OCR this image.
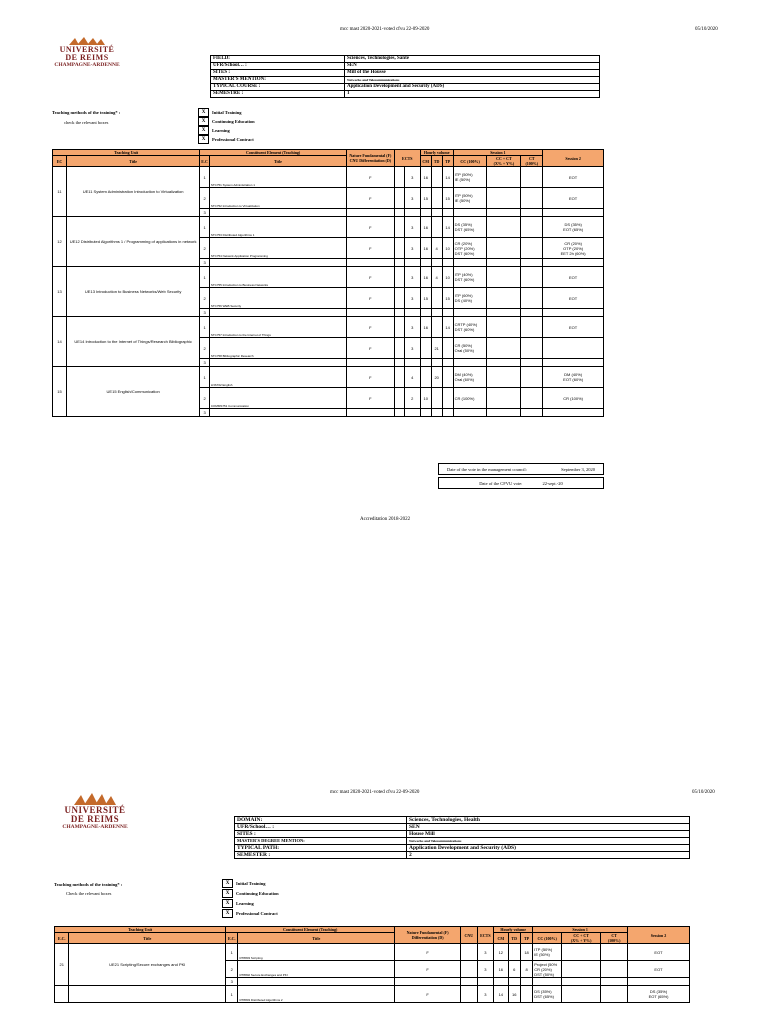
mcc mast 2020-2021-voted cfvu 22-09-2020	05/10/2020
UNIVERSITÉ
DE REIMS
CHAMPAGNE-ARDENNE
FIELD:	Sciences, Technologies, Santé
UFR/School… :	SEN
SITES :	Mill of the Housse
MASTER'S MENTION:	Networks and Telecommunications
TYPICAL COURSE :	Application Development and Security (ADS)
SEMESTRE :	1
Teaching methods of the training* :
check the relevant boxes
X	Initial Training
X	Continuing Education
X	Learning
X	Professional Contract
Teaching Unit		Constituent Element (Teaching)		Nature Fundamental (F) CNU Differentiation (D)	ECTS		Hourly volume			Session 1			Session 2
EC	Title	E.C	Title				CM	TD	TP	CC (100%)	CC + CT
(X% + Y%)	CT
(100%)	
11	UE11 System Administration Introduction to Virtualization	1	STC751 System Administration 1	F		3	16		14	ITP (50%)
IE (50%)			EOT
		2	STC752 Introduction to Virtualization	F		3	15		15	ITP (50%)
IE (50%)			EOT
		3											
12	UE12 Distributed Algorithms 1 / Programming of applications in network	1	STC753 Distributed Algorithms 1	F		3	16		14	DS (35%)
DST (65%)			DS (35%)
EOT (65%)
		2	STC754 Network Application Programming	F		3	16	4	10	CR (20%)
OTP (20%)
DST (60%)			CR (20%)
OTP (20%)
EET 2h (60%)
		3											
13	UE13 Introduction to Business Networks/Web Security	1	STC755 Introduction to Business Networks	F		3	16	4	10	ITP (40%)
DST (60%)			EOT
		2	STC756 WEB Security	F		3	15		15	ITP (60%)
DS (40%)			EOT
		3											
14	UE14 Introduction to the Internet of Things/Research Bibliographic	1	STC757 Introduction to the Internet of Things	F		3	16		14	CRTP (40%)
DST (60%)			EOT
		2	STC758 Bibliographic Research	F		3		21		CR (50%)
Oral (50%)			
		3											
15	UE15 English/Communication	1	LNS702 English	F		4		20		DM (40%)
Oral (60%)			DM (40%)
EOT (60%)
		2	COMMS751 Communication	F		2	10			CR (100%)			CR (100%)
		3											
Date of the vote in the management council:	September 3, 2020
Date of the CFVU vote:	22-sept.-20
Accreditation 2018-2022
mcc mast 2020-2021-voted cfvu 22-09-2020	05/10/2020
UNIVERSITÉ
DE REIMS
CHAMPAGNE-ARDENNE
DOMAIN:	Sciences, Technologies, Health
UFR/School… :	SEN
SITES :	House Mill
MASTER'S DEGREE MENTION:	Networks and Telecommunications
TYPICAL PATH:	Application Development and Security (ADS)
SEMESTER :	2
Teaching methods of the training* :
Check the relevant boxes
X	Initial Training
X	Continuing Education
X	Learning
X	Professional Contract
Teaching Unit		Constituent Element (Teaching)		Nature Fundamental (F) Differentiation (D)	CNU	ECTS	Hourly volume			Session 1			Session 2
E.C.	Title	E.C.	Title				CM	TD	TP	CC (100%)	CC + CT
(X% + Y%)	CT
(100%)	
21	UE21 Scripting/Secure exchanges and PKI	1	RT8803 Scripting	F		3	12		18	ITP (50%)
IE (50%)			EOT
		2	RT8802 Secure Exchanges and PKI	F		3	16	6	8	Project (50%
CR (20%)
DST (50%)			EOT
		3											
		1	RT8803 Distributed Algorithms 2	F		3	14	16		DS (35%)
DST (65%)			DS (35%)
EOT (65%)
